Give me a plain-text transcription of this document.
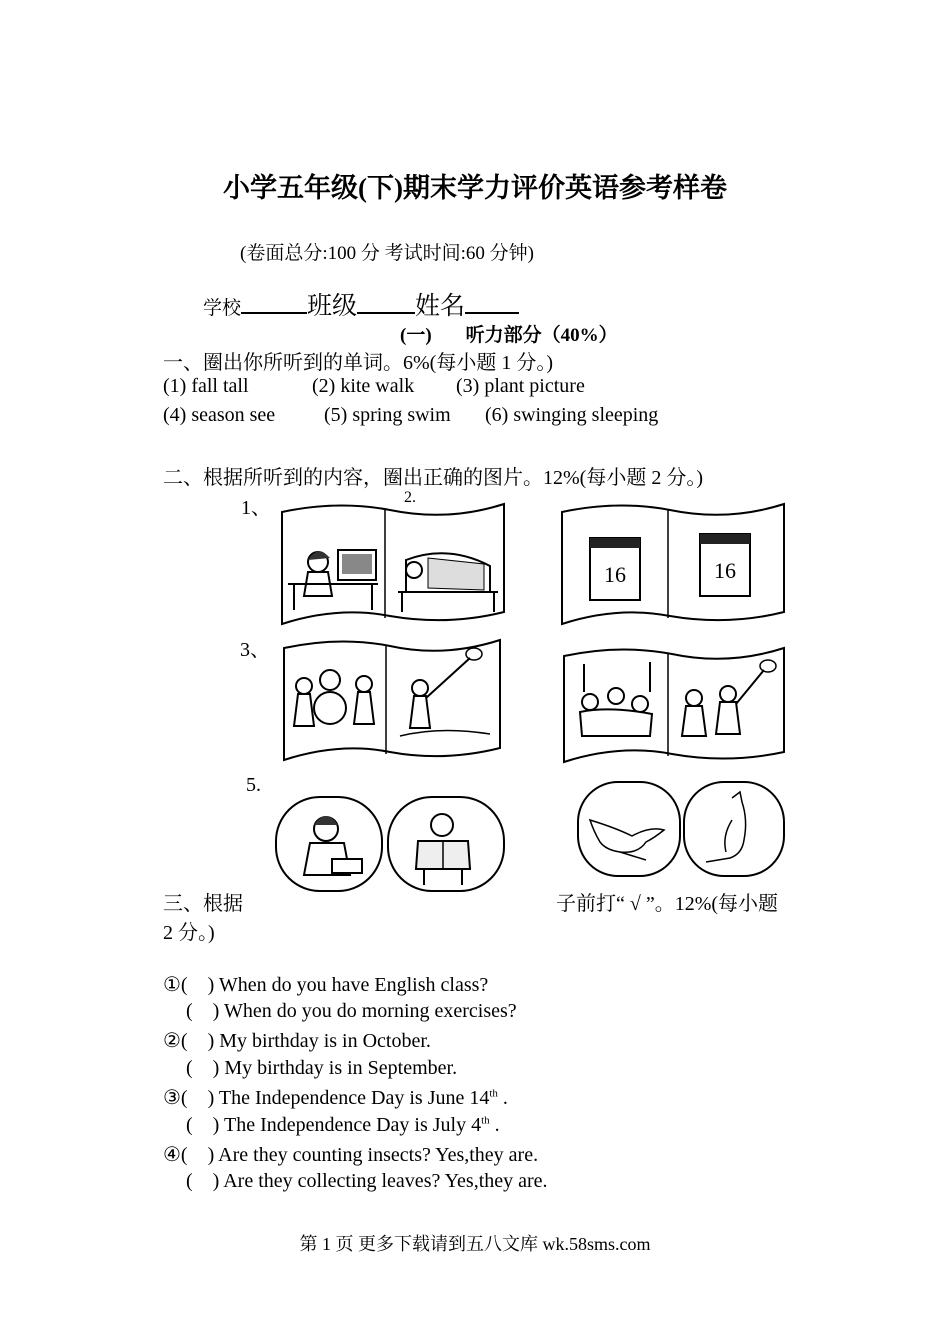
小学五年级(下)期末学力评价英语参考样卷
(卷面总分:100 分 考试时间:60 分钟)
学校	班级 姓名
(一) 听力部分（40%）
一、圈出你所听到的单词。6%(每小题 1 分。)
(1) fall tall	(2) kite walk (3) plant picture
(4) season see (5) spring swim (6) swinging sleeping
二、根据所听到的内容，圈出正确的图片。12%(每小题 2 分。)
1、	2.
3、
5.
16	16
三、根据	子前打“ √ ”。12%(每小题
2 分。)
①( ) When do you have English class?
( ) When do you do morning exercises?
②( ) My birthday is in October.
( ) My birthday is in September.
③( ) The Independence Day is June 14th .
( ) The Independence Day is July 4th .
④( ) Are they counting insects? Yes,they are.
( ) Are they collecting leaves? Yes,they are.
第 1 页 更多下载请到五八文库 wk.58sms.com
